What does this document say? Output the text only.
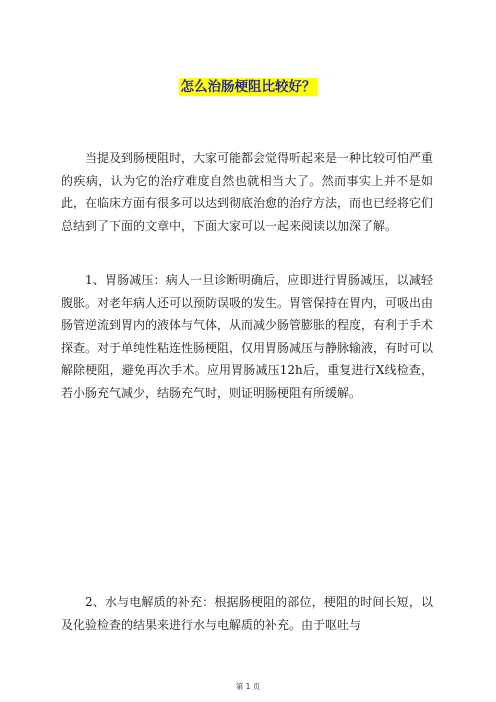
怎么治肠梗阻比较好？

当提及到肠梗阻时，大家可能都会觉得听起来是一种比较可怕严重的疾病，认为它的治疗难度自然也就相当大了。然而事实上并不是如此，在临床方面有很多可以达到彻底治愈的治疗方法，而也已经将它们总结到了下面的文章中，下面大家可以一起来阅读以加深了解。

1、胃肠减压：病人一旦诊断明确后，应即进行胃肠减压，以减轻腹胀。对老年病人还可以预防误吸的发生。胃管保持在胃内，可吸出由肠管逆流到胃内的液体与气体，从而减少肠管膨胀的程度，有利于手术探查。对于单纯性粘连性肠梗阻，仅用胃肠减压与静脉输液，有时可以解除梗阻，避免再次手术。应用胃肠减压12h后，重复进行X线检查，若小肠充气减少，结肠充气时，则证明肠梗阻有所缓解。

2、水与电解质的补充：根据肠梗阻的部位，梗阻的时间长短，以及化验检查的结果来进行水与电解质的补充。由于呕吐与

第 1 页
